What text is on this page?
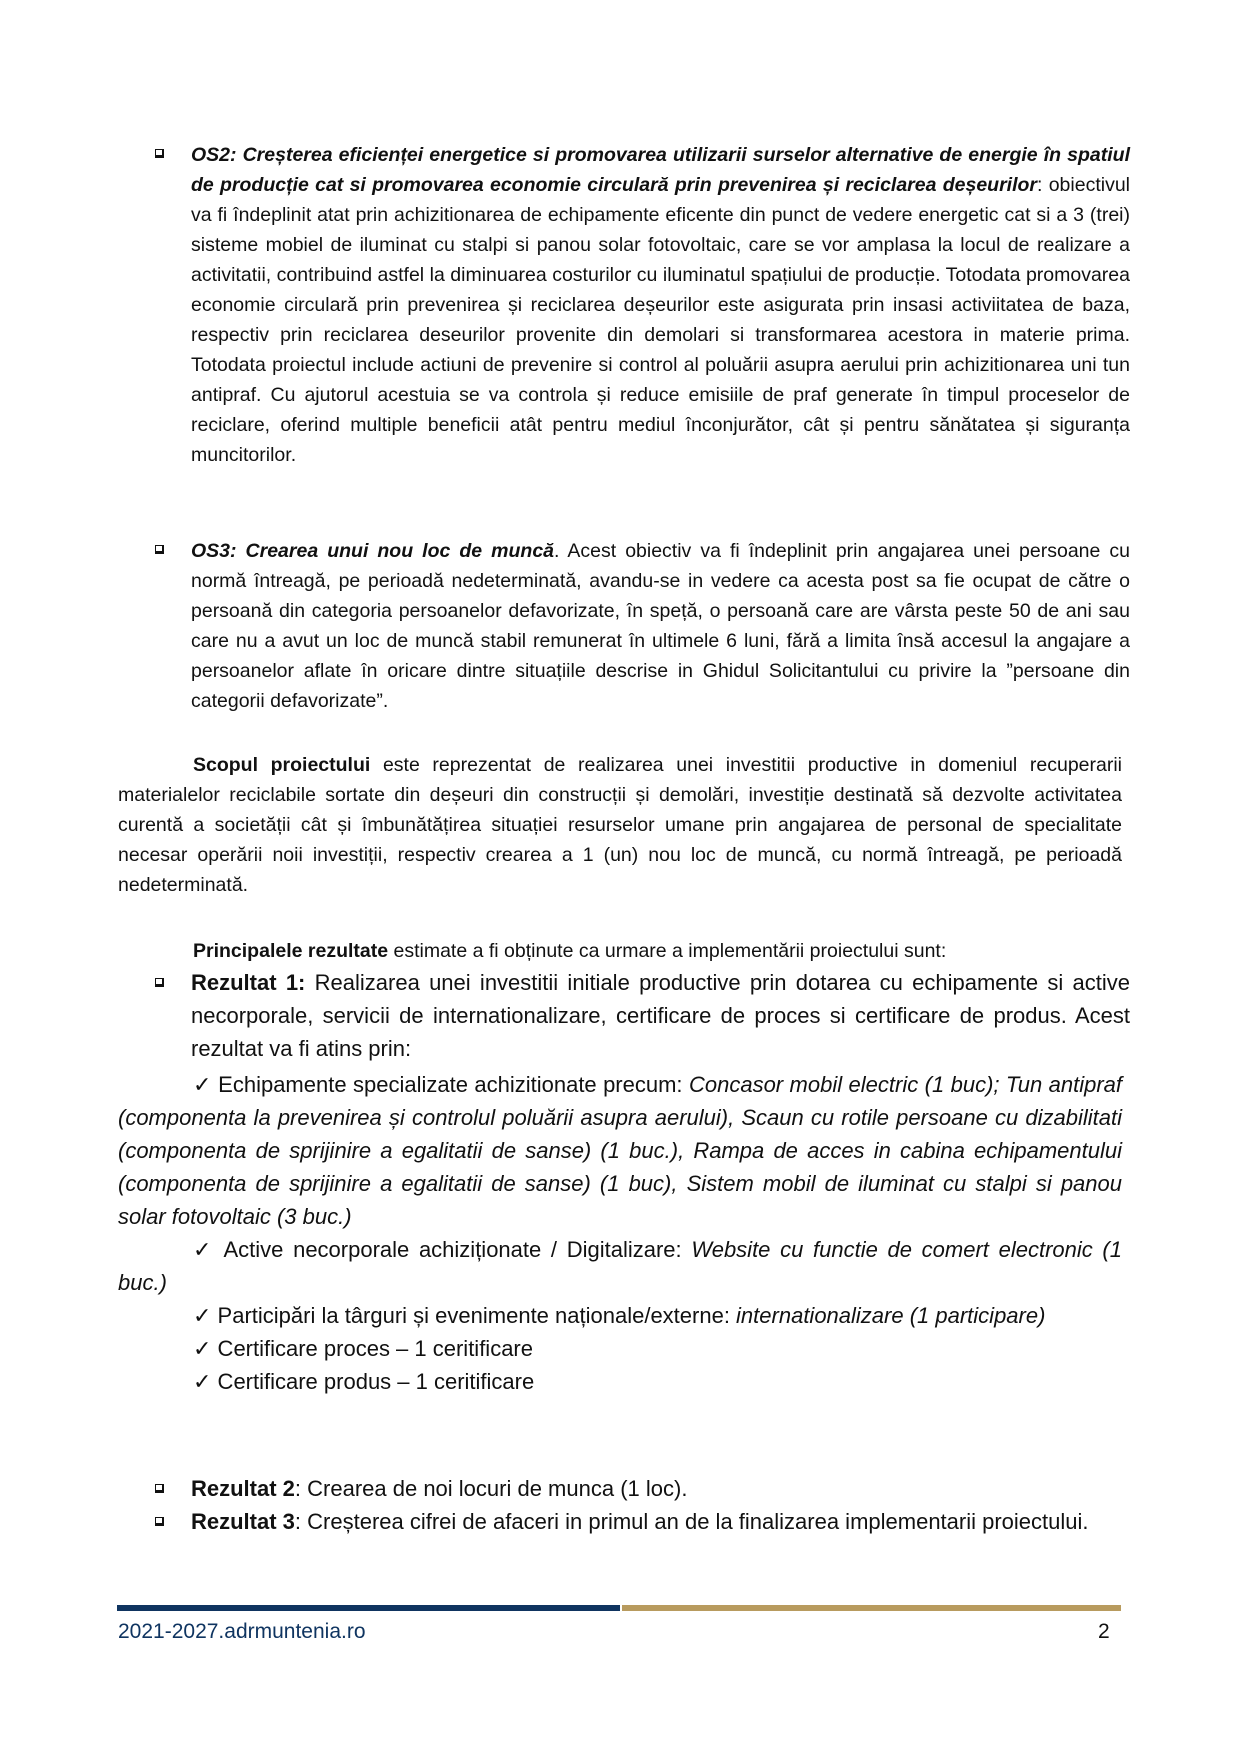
OS2: Creșterea eficienței energetice si promovarea utilizarii surselor alternative de energie în spatiul de producție cat si promovarea economie circulară prin prevenirea și reciclarea deșeurilor: obiectivul va fi îndeplinit atat prin achizitionarea de echipamente eficente din punct de vedere energetic cat si a 3 (trei) sisteme mobiel de iluminat cu stalpi si panou solar fotovoltaic, care se vor amplasa la locul de realizare a activitatii, contribuind astfel la diminuarea costurilor cu iluminatul spațiului de producție. Totodata promovarea economie circulară prin prevenirea și reciclarea deșeurilor este asigurata prin insasi activiitatea de baza, respectiv prin reciclarea deseurilor provenite din demolari si transformarea acestora in materie prima. Totodata proiectul include actiuni de prevenire si control al poluării asupra aerului prin achizitionarea uni tun antipraf. Cu ajutorul acestuia se va controla și reduce emisiile de praf generate în timpul proceselor de reciclare, oferind multiple beneficii atât pentru mediul înconjurător, cât și pentru sănătatea și siguranța muncitorilor.

OS3: Crearea unui nou loc de muncă. Acest obiectiv va fi îndeplinit prin angajarea unei persoane cu normă întreagă, pe perioadă nedeterminată, avandu-se in vedere ca acesta post sa fie ocupat de către o persoană din categoria persoanelor defavorizate, în speță, o persoană care are vârsta peste 50 de ani sau care nu a avut un loc de muncă stabil remunerat în ultimele 6 luni, fără a limita însă accesul la angajare a persoanelor aflate în oricare dintre situațiile descrise in Ghidul Solicitantului cu privire la ”persoane din categorii defavorizate”.

Scopul proiectului este reprezentat de realizarea unei investitii productive in domeniul recuperarii materialelor reciclabile sortate din deșeuri din construcții și demolări, investiție destinată să dezvolte activitatea curentă a societății cât și îmbunătățirea situației resurselor umane prin angajarea de personal de specialitate necesar operării noii investiții, respectiv crearea a 1 (un) nou loc de muncă, cu normă întreagă, pe perioadă nedeterminată.

Principalele rezultate estimate a fi obținute ca urmare a implementării proiectului sunt:

Rezultat 1: Realizarea unei investitii initiale productive prin dotarea cu echipamente si active necorporale, servicii de internationalizare, certificare de proces si certificare de produs. Acest rezultat va fi atins prin:

✓ Echipamente specializate achizitionate precum: Concasor mobil electric (1 buc); Tun antipraf (componenta la prevenirea și controlul poluării asupra aerului), Scaun cu rotile persoane cu dizabilitati (componenta de sprijinire a egalitatii de sanse) (1 buc.), Rampa de acces in cabina echipamentului (componenta de sprijinire a egalitatii de sanse) (1 buc), Sistem mobil de iluminat cu stalpi si panou solar fotovoltaic (3 buc.)

✓ Active necorporale achiziționate / Digitalizare: Website cu functie de comert electronic (1 buc.)

✓ Participări la târguri și evenimente naționale/externe: internationalizare (1 participare)

✓ Certificare proces – 1 ceritificare

✓ Certificare produs – 1 ceritificare

Rezultat 2: Crearea de noi locuri de munca (1 loc).

Rezultat 3: Creșterea cifrei de afaceri in primul an de la finalizarea implementarii proiectului.

2021-2027.adrmuntenia.ro	2
